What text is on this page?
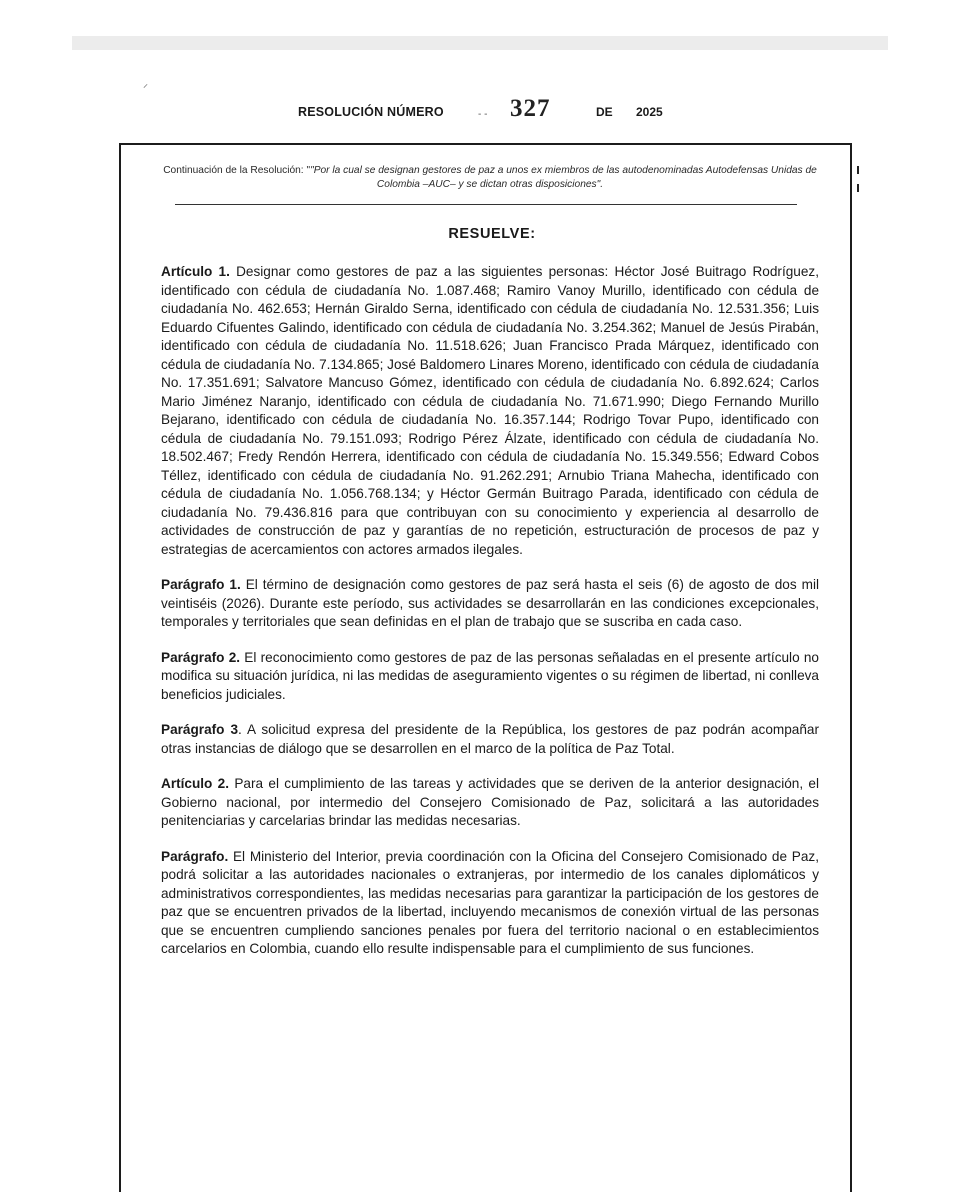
⸝
RESOLUCIÓN NÚMERO	- - 327	DE 2025
Continuación de la Resolución: ""Por la cual se designan gestores de paz a unos ex miembros de las autodenominadas Autodefensas Unidas de Colombia –AUC– y se dictan otras disposiciones".
RESUELVE:

Artículo 1. Designar como gestores de paz a las siguientes personas: Héctor José Buitrago Rodríguez, identificado con cédula de ciudadanía No. 1.087.468; Ramiro Vanoy Murillo, identificado con cédula de ciudadanía No. 462.653; Hernán Giraldo Serna, identificado con cédula de ciudadanía No. 12.531.356; Luis Eduardo Cifuentes Galindo, identificado con cédula de ciudadanía No. 3.254.362; Manuel de Jesús Pirabán, identificado con cédula de ciudadanía No. 11.518.626; Juan Francisco Prada Márquez, identificado con cédula de ciudadanía No. 7.134.865; José Baldomero Linares Moreno, identificado con cédula de ciudadanía No. 17.351.691; Salvatore Mancuso Gómez, identificado con cédula de ciudadanía No. 6.892.624; Carlos Mario Jiménez Naranjo, identificado con cédula de ciudadanía No. 71.671.990; Diego Fernando Murillo Bejarano, identificado con cédula de ciudadanía No. 16.357.144; Rodrigo Tovar Pupo, identificado con cédula de ciudadanía No. 79.151.093; Rodrigo Pérez Álzate, identificado con cédula de ciudadanía No. 18.502.467; Fredy Rendón Herrera, identificado con cédula de ciudadanía No. 15.349.556; Edward Cobos Téllez, identificado con cédula de ciudadanía No. 91.262.291; Arnubio Triana Mahecha, identificado con cédula de ciudadanía No. 1.056.768.134; y Héctor Germán Buitrago Parada, identificado con cédula de ciudadanía No. 79.436.816 para que contribuyan con su conocimiento y experiencia al desarrollo de actividades de construcción de paz y garantías de no repetición, estructuración de procesos de paz y estrategias de acercamientos con actores armados ilegales.

Parágrafo 1. El término de designación como gestores de paz será hasta el seis (6) de agosto de dos mil veintiséis (2026). Durante este período, sus actividades se desarrollarán en las condiciones excepcionales, temporales y territoriales que sean definidas en el plan de trabajo que se suscriba en cada caso.

Parágrafo 2. El reconocimiento como gestores de paz de las personas señaladas en el presente artículo no modifica su situación jurídica, ni las medidas de aseguramiento vigentes o su régimen de libertad, ni conlleva beneficios judiciales.

Parágrafo 3. A solicitud expresa del presidente de la República, los gestores de paz podrán acompañar otras instancias de diálogo que se desarrollen en el marco de la política de Paz Total.

Artículo 2. Para el cumplimiento de las tareas y actividades que se deriven de la anterior designación, el Gobierno nacional, por intermedio del Consejero Comisionado de Paz, solicitará a las autoridades penitenciarias y carcelarias brindar las medidas necesarias.

Parágrafo. El Ministerio del Interior, previa coordinación con la Oficina del Consejero Comisionado de Paz, podrá solicitar a las autoridades nacionales o extranjeras, por intermedio de los canales diplomáticos y administrativos correspondientes, las medidas necesarias para garantizar la participación de los gestores de paz que se encuentren privados de la libertad, incluyendo mecanismos de conexión virtual de las personas que se encuentren cumpliendo sanciones penales por fuera del territorio nacional o en establecimientos carcelarios en Colombia, cuando ello resulte indispensable para el cumplimiento de sus funciones.
